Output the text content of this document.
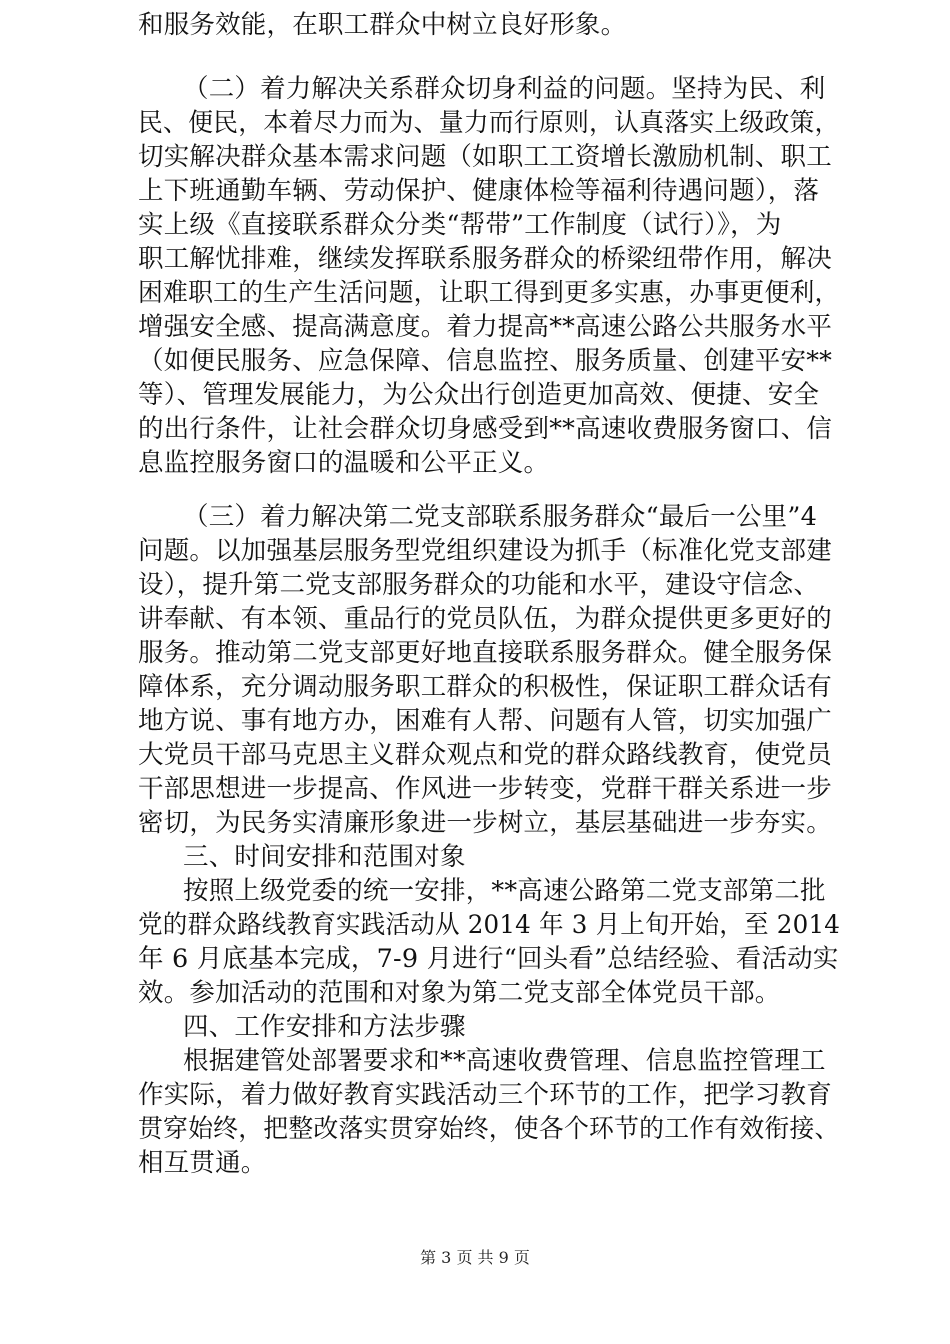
和服务效能，在职工群众中树立良好形象。
（二）着力解决关系群众切身利益的问题。坚持为民、利
民、便民，本着尽力而为、量力而行原则，认真落实上级政策，
切实解决群众基本需求问题（如职工工资增长激励机制、职工
上下班通勤车辆、劳动保护、健康体检等福利待遇问题），落
实上级《直接联系群众分类“帮带”工作制度（试行）》，为
职工解忧排难，继续发挥联系服务群众的桥梁纽带作用，解决
困难职工的生产生活问题，让职工得到更多实惠，办事更便利，
增强安全感、提高满意度。着力提高**高速公路公共服务水平
（如便民服务、应急保障、信息监控、服务质量、创建平安**
等）、管理发展能力，为公众出行创造更加高效、便捷、安全
的出行条件，让社会群众切身感受到**高速收费服务窗口、信
息监控服务窗口的温暖和公平正义。
（三）着力解决第二党支部联系服务群众“最后一公里”4
问题。以加强基层服务型党组织建设为抓手（标准化党支部建
设），提升第二党支部服务群众的功能和水平，建设守信念、
讲奉献、有本领、重品行的党员队伍，为群众提供更多更好的
服务。推动第二党支部更好地直接联系服务群众。健全服务保
障体系，充分调动服务职工群众的积极性，保证职工群众话有
地方说、事有地方办，困难有人帮、问题有人管，切实加强广
大党员干部马克思主义群众观点和党的群众路线教育，使党员
干部思想进一步提高、作风进一步转变，党群干群关系进一步
密切，为民务实清廉形象进一步树立，基层基础进一步夯实。
三、时间安排和范围对象
按照上级党委的统一安排，**高速公路第二党支部第二批
党的群众路线教育实践活动从 2014 年 3 月上旬开始，至 2014
年 6 月底基本完成，7-9 月进行“回头看”总结经验、看活动实
效。参加活动的范围和对象为第二党支部全体党员干部。
四、工作安排和方法步骤
根据建管处部署要求和**高速收费管理、信息监控管理工
作实际，着力做好教育实践活动三个环节的工作，把学习教育
贯穿始终，把整改落实贯穿始终，使各个环节的工作有效衔接、
相互贯通。
第 3 页 共 9 页
